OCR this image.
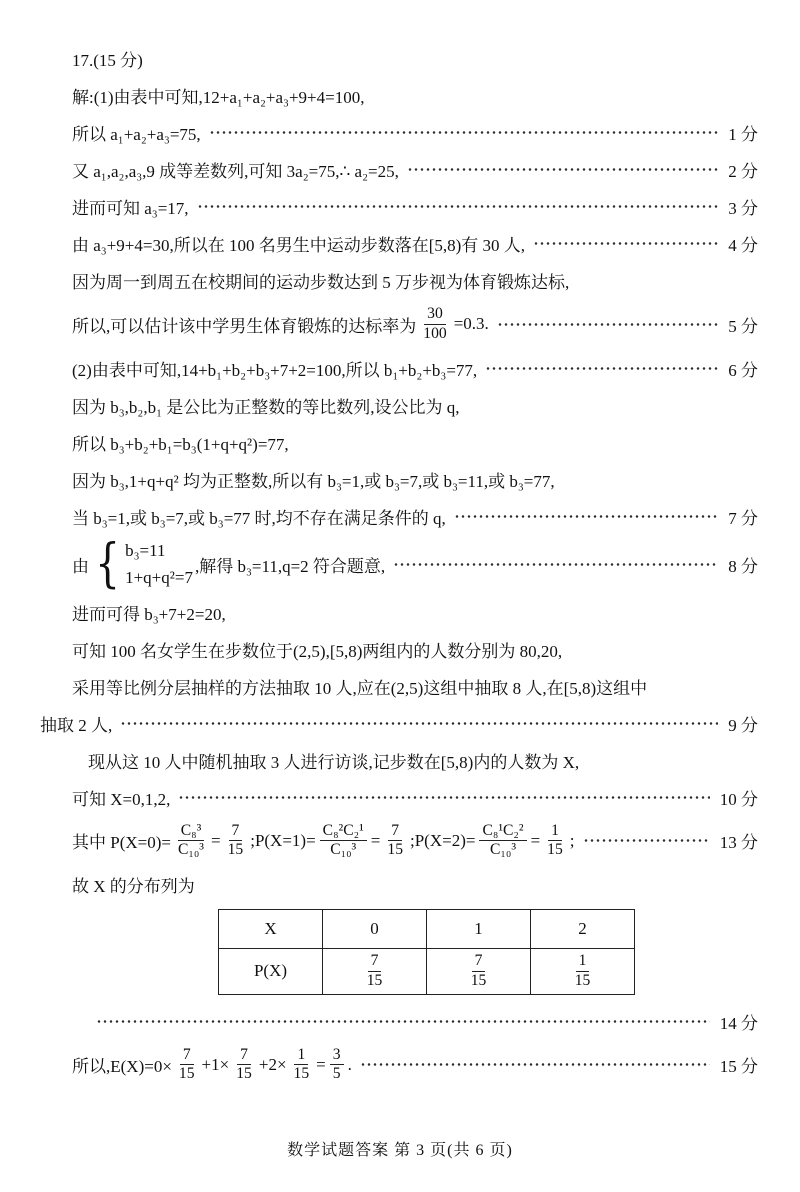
17.(15 分)
解:(1)由表中可知,12+a₁+a₂+a₃+9+4=100,
所以 a₁+a₂+a₃=75,	1 分
又 a₁,a₂,a₃,9 成等差数列,可知 3a₂=75,∴ a₂=25,	2 分
进而可知 a₃=17,	3 分
由 a₃+9+4=30,所以在 100 名男生中运动步数落在[5,8)有 30 人,	4 分
因为周一到周五在校期间的运动步数达到 5 万步视为体育锻炼达标,
所以,可以估计该中学男生体育锻炼的达标率为 $\frac{30}{100} =0.3$.	5 分
(2)由表中可知,14+b₁+b₂+b₃+7+2=100,所以 b₁+b₂+b₃=77,	6 分
因为 b₃,b₂,b₁ 是公比为正整数的等比数列,设公比为 q,
所以 b₃+b₂+b₁=b₃(1+q+q²)=77,
因为 b₃,1+q+q² 均为正整数,所以有 b₃=1,或 b₃=7,或 b₃=11,或 b₃=77,
当 b₃=1,或 b₃=7,或 b₃=77 时,均不存在满足条件的 q,	7 分
由 { b₃=11
1+q+q²=7
,解得 b₃=11,q=2 符合题意,	8 分
进而可得 b₃+7+2=20,
可知 100 名女学生在步数位于(2,5),[5,8)两组内的人数分别为 80,20,
采用等比例分层抽样的方法抽取 10 人,应在(2,5)这组中抽取 8 人,在[5,8)这组中
抽取 2 人,	9 分
现从这 10 人中随机抽取 3 人进行访谈,记步数在[5,8)内的人数为 X,
可知 X=0,1,2,	10 分
其中 $P(X=0)= \frac{\text{C₈³}}{\text{C₁₀³}} = \frac{7}{15}$ ;P(X=1)= $\frac{\text{C₈²C₂¹}}{\text{C₁₀³}} = \frac{7}{15}$ ;P(X=2)= $\frac{\text{C₈¹C₂²}}{\text{C₁₀³}} = \frac{1}{15}$ ;	13 分
故 X 的分布列为
X	0	1	2
P(X)	$\frac{7}{15}$	$\frac{7}{15}$	$\frac{1}{15}$
14 分
所以$,E(X)=0\times \frac{7}{15} +1\times \frac{7}{15} +2\times \frac{1}{15} = \frac{3}{5}$ .	15 分
数学试题答案 第 3 页(共 6 页)
